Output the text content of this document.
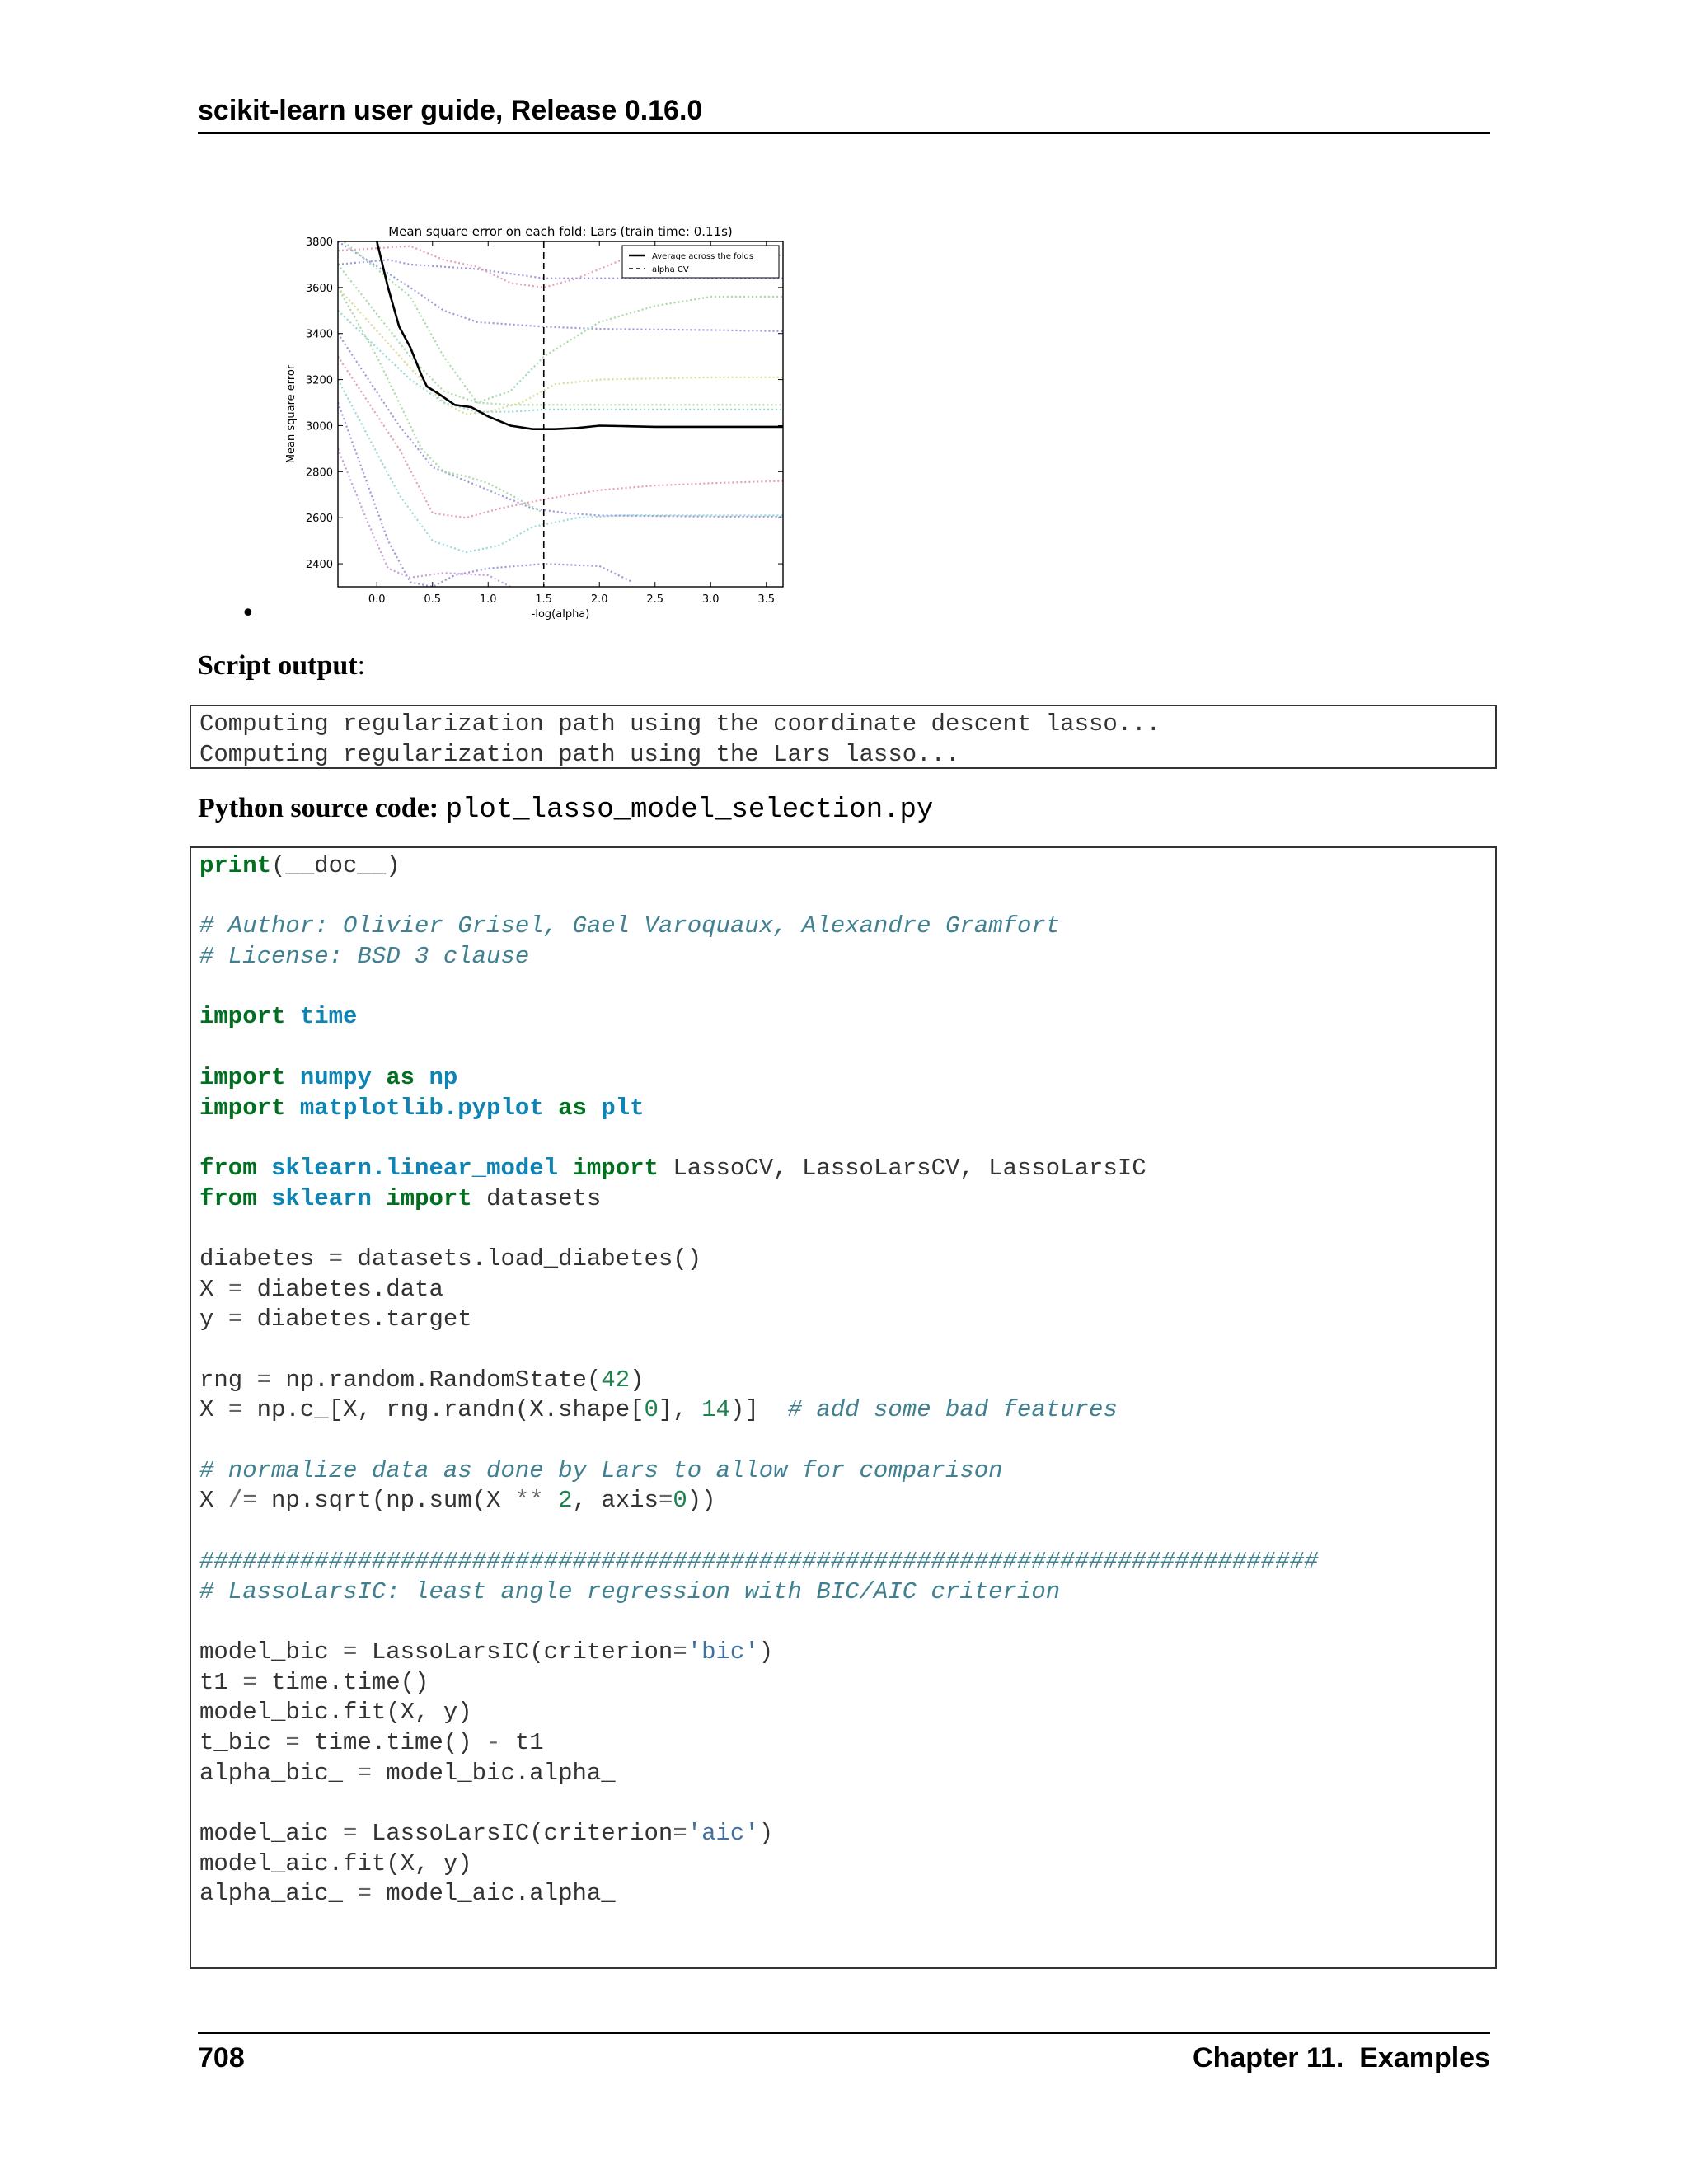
scikit-learn user guide, Release 0.16.0
0.0	0.5	1.0	1.5	2.0	2.5	3.0	3.5
2400
2600
2800
3000
3200
3400
3600
3800
Mean square error on each fold: Lars (train time: 0.11s)
-log(alpha)
Mean square error
Average across the folds
alpha CV
•
Script output:
Computing regularization path using the coordinate descent lasso...
Computing regularization path using the Lars lasso...
Python source code: plot_lasso_model_selection.py
print(__doc__)
# Author: Olivier Grisel, Gael Varoquaux, Alexandre Gramfort
# License: BSD 3 clause
import time
import numpy as np
import matplotlib.pyplot as plt
from sklearn.linear_model import LassoCV, LassoLarsCV, LassoLarsIC
from sklearn import datasets
diabetes = datasets.load_diabetes()
X = diabetes.data
y = diabetes.target
rng = np.random.RandomState(42)
X = np.c_[X, rng.randn(X.shape[0], 14)]  # add some bad features
# normalize data as done by Lars to allow for comparison
X /= np.sqrt(np.sum(X ** 2, axis=0))
##############################################################################
# LassoLarsIC: least angle regression with BIC/AIC criterion
model_bic = LassoLarsIC(criterion='bic')
t1 = time.time()
model_bic.fit(X, y)
t_bic = time.time() - t1
alpha_bic_ = model_bic.alpha_
model_aic = LassoLarsIC(criterion='aic')
model_aic.fit(X, y)
alpha_aic_ = model_aic.alpha_
708	Chapter 11.  Examples
